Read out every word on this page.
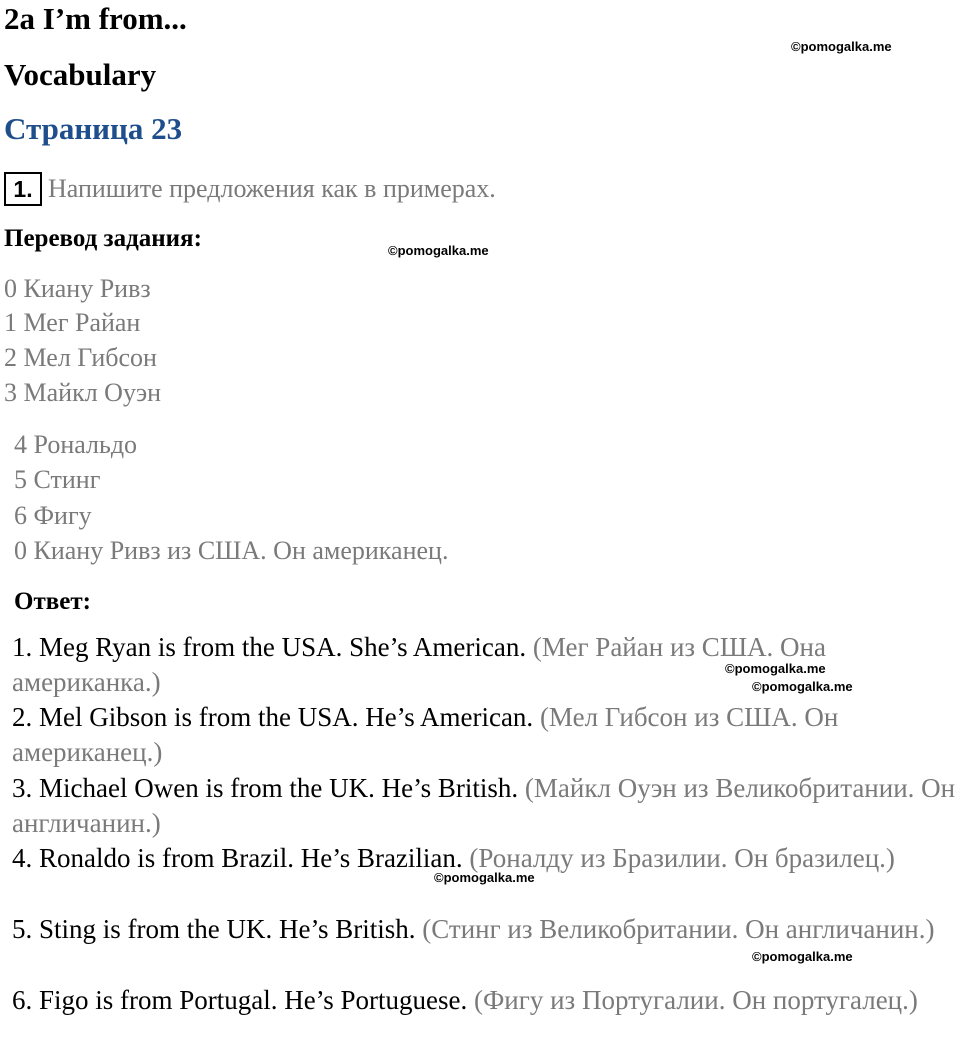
2a I’m from...
Vocabulary
Страница 23
1. Напишите предложения как в примерах.
Перевод задания:
0 Киану Ривз
1 Мег Райан
2 Мел Гибсон
3 Майкл Оуэн
4 Рональдо
5 Стинг
6 Фигу
0 Киану Ривз из США. Он американец.
Ответ:
1. Meg Ryan is from the USA. She’s American. (Мег Райан из США. Она американка.)
2. Mel Gibson is from the USA. He’s American. (Мел Гибсон из США. Он американец.)
3. Michael Owen is from the UK. He’s British. (Майкл Оуэн из Великобритании. Он англичанин.)
4. Ronaldo is from Brazil. He’s Brazilian. (Роналду из Бразилии. Он бразилец.)
5. Sting is from the UK. He’s British. (Стинг из Великобритании. Он англичанин.)
6. Figo is from Portugal. He’s Portuguese. (Фигу из Португалии. Он португалец.)
©pomogalka.me
©pomogalka.me
©pomogalka.me
©pomogalka.me
©pomogalka.me
©pomogalka.me
